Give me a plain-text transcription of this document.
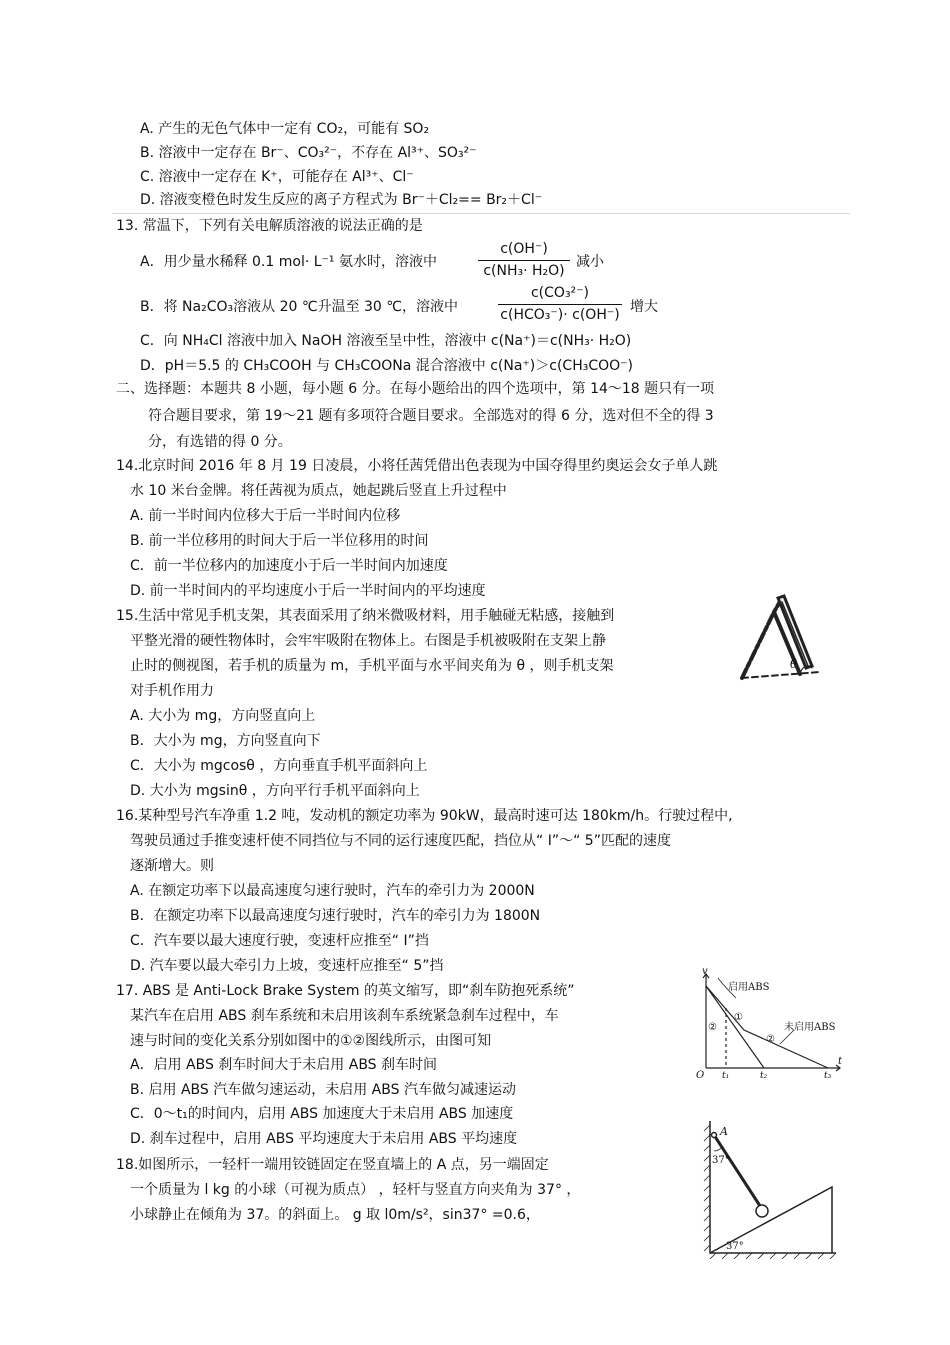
A. 产生的无色气体中一定有 CO₂，可能有 SO₂
B. 溶液中一定存在 Br⁻、CO₃²⁻，不存在 Al³⁺、SO₃²⁻
C. 溶液中一定存在 K⁺，可能存在 Al³⁺、Cl⁻
D. 溶液变橙色时发生反应的离子方程式为 Br⁻＋Cl₂== Br₂＋Cl⁻
13. 常温下，下列有关电解质溶液的说法正确的是
A．用少量水稀释 0.1 mol· L⁻¹ 氨水时，溶液中
c(OH⁻)
c(NH₃· H₂O)
减小
B．将 Na₂CO₃溶液从 20 ℃升温至 30 ℃，溶液中
c(CO₃²⁻)
c(HCO₃⁻)· c(OH⁻) 增大
C．向 NH₄Cl 溶液中加入 NaOH 溶液至呈中性，溶液中 c(Na⁺)＝c(NH₃· H₂O)
D．pH＝5.5 的 CH₃COOH 与 CH₃COONa 混合溶液中 c(Na⁺)＞c(CH₃COO⁻)
二、选择题：本题共 8 小题，每小题 6 分。在每小题给出的四个选项中，第 14～18 题只有一项
符合题目要求，第 19～21 题有多项符合题目要求。全部选对的得 6 分，选对但不全的得 3
分，有选错的得 0 分。
14.北京时间 2016 年 8 月 19 日凌晨，小将任茜凭借出色表现为中国夺得里约奥运会女子单人跳
水 10 米台金牌。将任茜视为质点，她起跳后竖直上升过程中
A. 前一半时间内位移大于后一半时间内位移
B. 前一半位移用的时间大于后一半位移用的时间
C．前一半位移内的加速度小于后一半时间内加速度
D. 前一半时间内的平均速度小于后一半时间内的平均速度
15.生活中常见手机支架，其表面采用了纳米微吸材料，用手触碰无粘感，接触到
平整光滑的硬性物体时，会牢牢吸附在物体上。右图是手机被吸附在支架上静
止时的侧视图，若手机的质量为 m，手机平面与水平间夹角为 θ ，则手机支架
对手机作用力
A. 大小为 mg，方向竖直向上
B．大小为 mg，方向竖直向下
C．大小为 mgcosθ ，方向垂直手机平面斜向上
D. 大小为 mgsinθ ，方向平行手机平面斜向上
θ
16.某种型号汽车净重 1.2 吨，发动机的额定功率为 90kW，最高时速可达 180km/h。行驶过程中,
驾驶员通过手推变速杆使不同挡位与不同的运行速度匹配，挡位从“ I”～“ 5”匹配的速度
逐渐增大。则
A. 在额定功率下以最高速度匀速行驶时，汽车的牵引力为 2000N
B．在额定功率下以最高速度匀速行驶时，汽车的牵引力为 1800N
C．汽车要以最大速度行驶，变速杆应推至“ I”挡
D. 汽车要以最大牵引力上坡，变速杆应推至“ 5”挡
17. ABS 是 Anti-Lock Brake System 的英文缩写，即“刹车防抱死系统”
某汽车在启用 ABS 刹车系统和未启用该刹车系统紧急刹车过程中，车
速与时间的变化关系分别如图中的①②图线所示，由图可知
A．启用 ABS 刹车时间大于未启用 ABS 刹车时间
B. 启用 ABS 汽车做匀速运动，未启用 ABS 汽车做匀减速运动
C．0～t₁的时间内，启用 ABS 加速度大于未启用 ABS 加速度
D. 刹车过程中，启用 ABS 平均速度大于未启用 ABS 平均速度
v
t
O t₁	t₂	t₃
启用ABS
未启用ABS
①
②
②
18.如图所示，一轻杆一端用铰链固定在竖直墙上的 A 点，另一端固定
一个质量为 l kg 的小球（可视为质点） ，轻杆与竖直方向夹角为 37° ，
小球静止在倾角为 37。的斜面上。 g 取 l0m/s²，sin37° =0.6，
A
37°
37°
